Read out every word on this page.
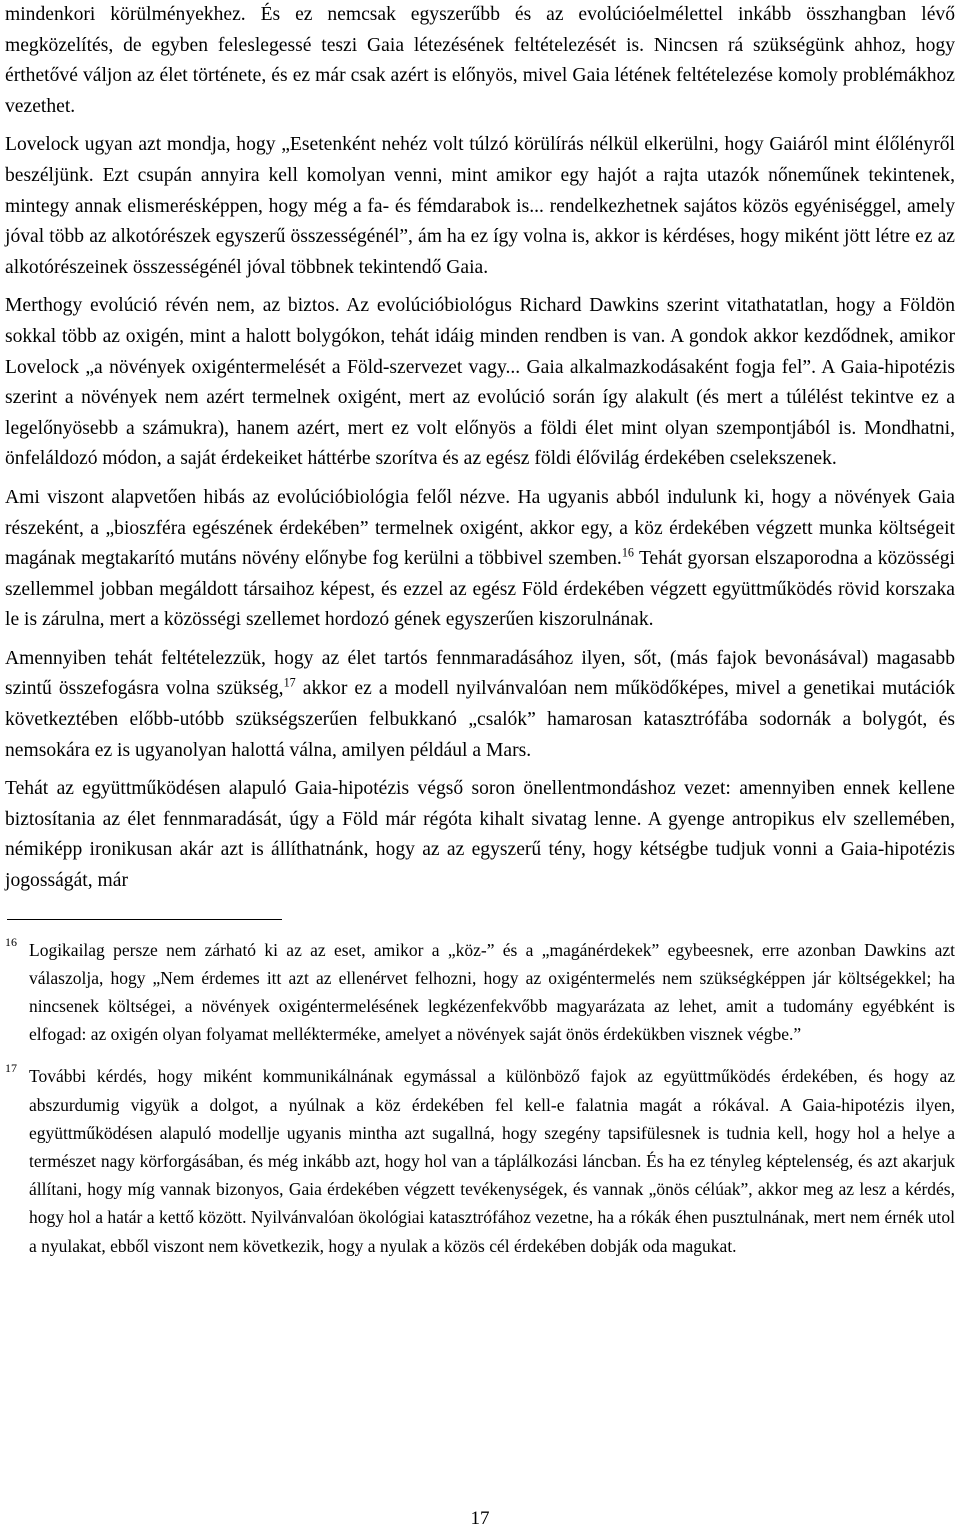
mindenkori körülményekhez. És ez nemcsak egyszerűbb és az evolúcióelmélettel inkább összhangban lévő megközelítés, de egyben feleslegessé teszi Gaia létezésének feltételezését is. Nincsen rá szükségünk ahhoz, hogy érthetővé váljon az élet története, és ez már csak azért is előnyös, mivel Gaia létének feltételezése komoly problémákhoz vezethet.

Lovelock ugyan azt mondja, hogy „Esetenként nehéz volt túlzó körülírás nélkül elkerülni, hogy Gaiáról mint élőlényről beszéljünk. Ezt csupán annyira kell komolyan venni, mint amikor egy hajót a rajta utazók nőneműnek tekintenek, mintegy annak elismerésképpen, hogy még a fa- és fémdarabok is... rendelkezhetnek sajátos közös egyéniséggel, amely jóval több az alkotórészek egyszerű összességénél”, ám ha ez így volna is, akkor is kérdéses, hogy miként jött létre ez az alkotórészeinek összességénél jóval többnek tekintendő Gaia.

Merthogy evolúció révén nem, az biztos. Az evolúcióbiológus Richard Dawkins szerint vitathatatlan, hogy a Földön sokkal több az oxigén, mint a halott bolygókon, tehát idáig minden rendben is van. A gondok akkor kezdődnek, amikor Lovelock „a növények oxigéntermelését a Föld-szervezet vagy... Gaia alkalmazkodásaként fogja fel”. A Gaia-hipotézis szerint a növények nem azért termelnek oxigént, mert az evolúció során így alakult (és mert a túlélést tekintve ez a legelőnyösebb a számukra), hanem azért, mert ez volt előnyös a földi élet mint olyan szempontjából is. Mondhatni, önfeláldozó módon, a saját érdekeiket háttérbe szorítva és az egész földi élővilág érdekében cselekszenek.

Ami viszont alapvetően hibás az evolúcióbiológia felől nézve. Ha ugyanis abból indulunk ki, hogy a növények Gaia részeként, a „bioszféra egészének érdekében” termelnek oxigént, akkor egy, a köz érdekében végzett munka költségeit magának megtakarító mutáns növény előnybe fog kerülni a többivel szemben.$^{16}$ Tehát gyorsan elszaporodna a közösségi szellemmel jobban megáldott társaihoz képest, és ezzel az egész Föld érdekében végzett együttműködés rövid korszaka le is zárulna, mert a közösségi szellemet hordozó gének egyszerűen kiszorulnának.

Amennyiben tehát feltételezzük, hogy az élet tartós fennmaradásához ilyen, sőt, (más fajok bevonásával) magasabb szintű összefogásra volna szükség,$^{17}$ akkor ez a modell nyilvánvalóan nem működőképes, mivel a genetikai mutációk következtében előbb-utóbb szükségszerűen felbukkanó „csalók” hamarosan katasztrófába sodornák a bolygót, és nemsokára ez is ugyanolyan halottá válna, amilyen például a Mars.

Tehát az együttműködésen alapuló Gaia-hipotézis végső soron önellentmondáshoz vezet: amennyiben ennek kellene biztosítania az élet fennmaradását, úgy a Föld már régóta kihalt sivatag lenne. A gyenge antropikus elv szellemében, némiképp ironikusan akár azt is állíthatnánk, hogy az az egyszerű tény, hogy kétségbe tudjuk vonni a Gaia-hipotézis jogosságát, már

16 Logikailag persze nem zárható ki az az eset, amikor a „köz-” és a „magánérdekek” egybeesnek, erre azonban Dawkins azt válaszolja, hogy „Nem érdemes itt azt az ellenérvet felhozni, hogy az oxigéntermelés nem szükségképpen jár költségekkel; ha nincsenek költségei, a növények oxigéntermelésének legkézenfekvőbb magyarázata az lehet, amit a tudomány egyébként is elfogad: az oxigén olyan folyamat mellékterméke, amelyet a növények saját önös érdekükben visznek végbe.”
17 További kérdés, hogy miként kommunikálnának egymással a különböző fajok az együttműködés érdekében, és hogy az abszurdumig vigyük a dolgot, a nyúlnak a köz érdekében fel kell-e falatnia magát a rókával. A Gaia-hipotézis ilyen, együttműködésen alapuló modellje ugyanis mintha azt sugallná, hogy szegény tapsifülesnek is tudnia kell, hogy hol a helye a természet nagy körforgásában, és még inkább azt, hogy hol van a táplálkozási láncban. És ha ez tényleg képtelenség, és azt akarjuk állítani, hogy míg vannak bizonyos, Gaia érdekében végzett tevékenységek, és vannak „önös célúak”, akkor meg az lesz a kérdés, hogy hol a határ a kettő között. Nyilvánvalóan ökológiai katasztrófához vezetne, ha a rókák éhen pusztulnának, mert nem érnék utol a nyulakat, ebből viszont nem következik, hogy a nyulak a közös cél érdekében dobják oda magukat.
17
